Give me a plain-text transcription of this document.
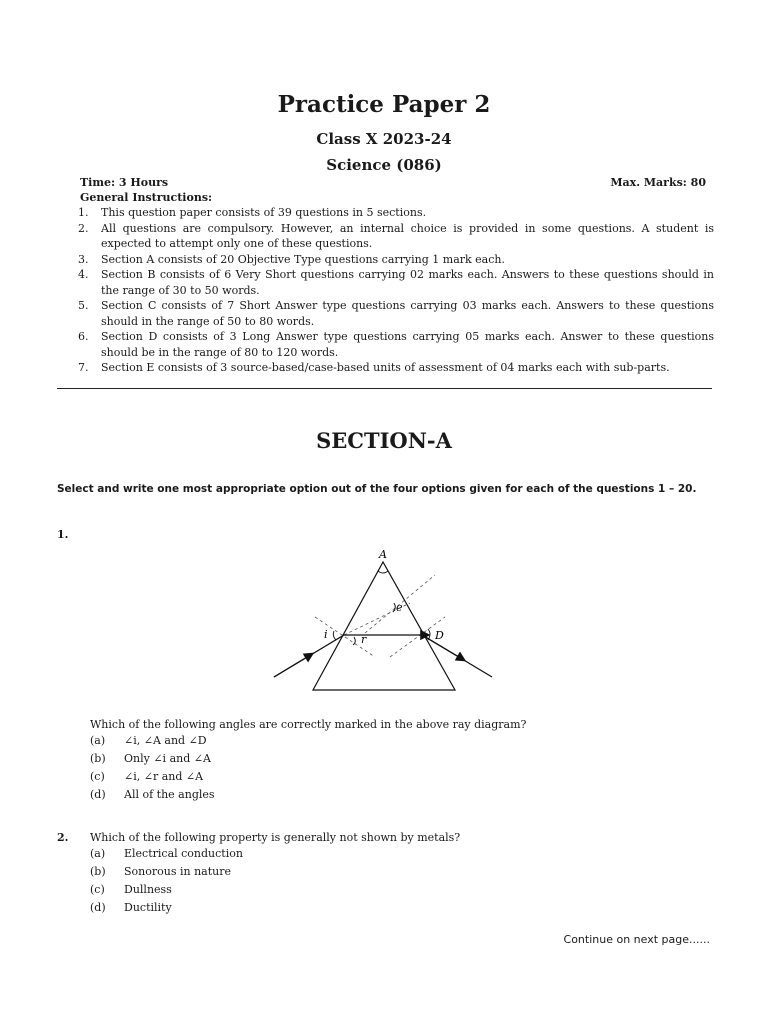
Practice Paper 2
Class X 2023-24
Science (086)
Time: 3 Hours	Max. Marks: 80
General Instructions:
1. This question paper consists of 39 questions in 5 sections.
2. All questions are compulsory. However, an internal choice is provided in some questions. A student is expected to attempt only one of these questions.
3. Section A consists of 20 Objective Type questions carrying 1 mark each.
4. Section B consists of 6 Very Short questions carrying 02 marks each. Answers to these questions should in the range of 30 to 50 words.
5. Section C consists of 7 Short Answer type questions carrying 03 marks each. Answers to these questions should in the range of 50 to 80 words.
6. Section D consists of 3 Long Answer type questions carrying 05 marks each. Answer to these questions should be in the range of 80 to 120 words.
7. Section E consists of 3 source-based/case-based units of assessment of 04 marks each with sub-parts.
SECTION-A
Select and write one most appropriate option out of the four options given for each of the questions 1 – 20.
1.
A
i	r
e
D
Which of the following angles are correctly marked in the above ray diagram?
(a) ∠i, ∠A and ∠D
(b) Only ∠i and ∠A
(c) ∠i, ∠r and ∠A
(d) All of the angles
2. Which of the following property is generally not shown by metals?
(a) Electrical conduction
(b) Sonorous in nature
(c) Dullness
(d) Ductility
Continue on next page......
